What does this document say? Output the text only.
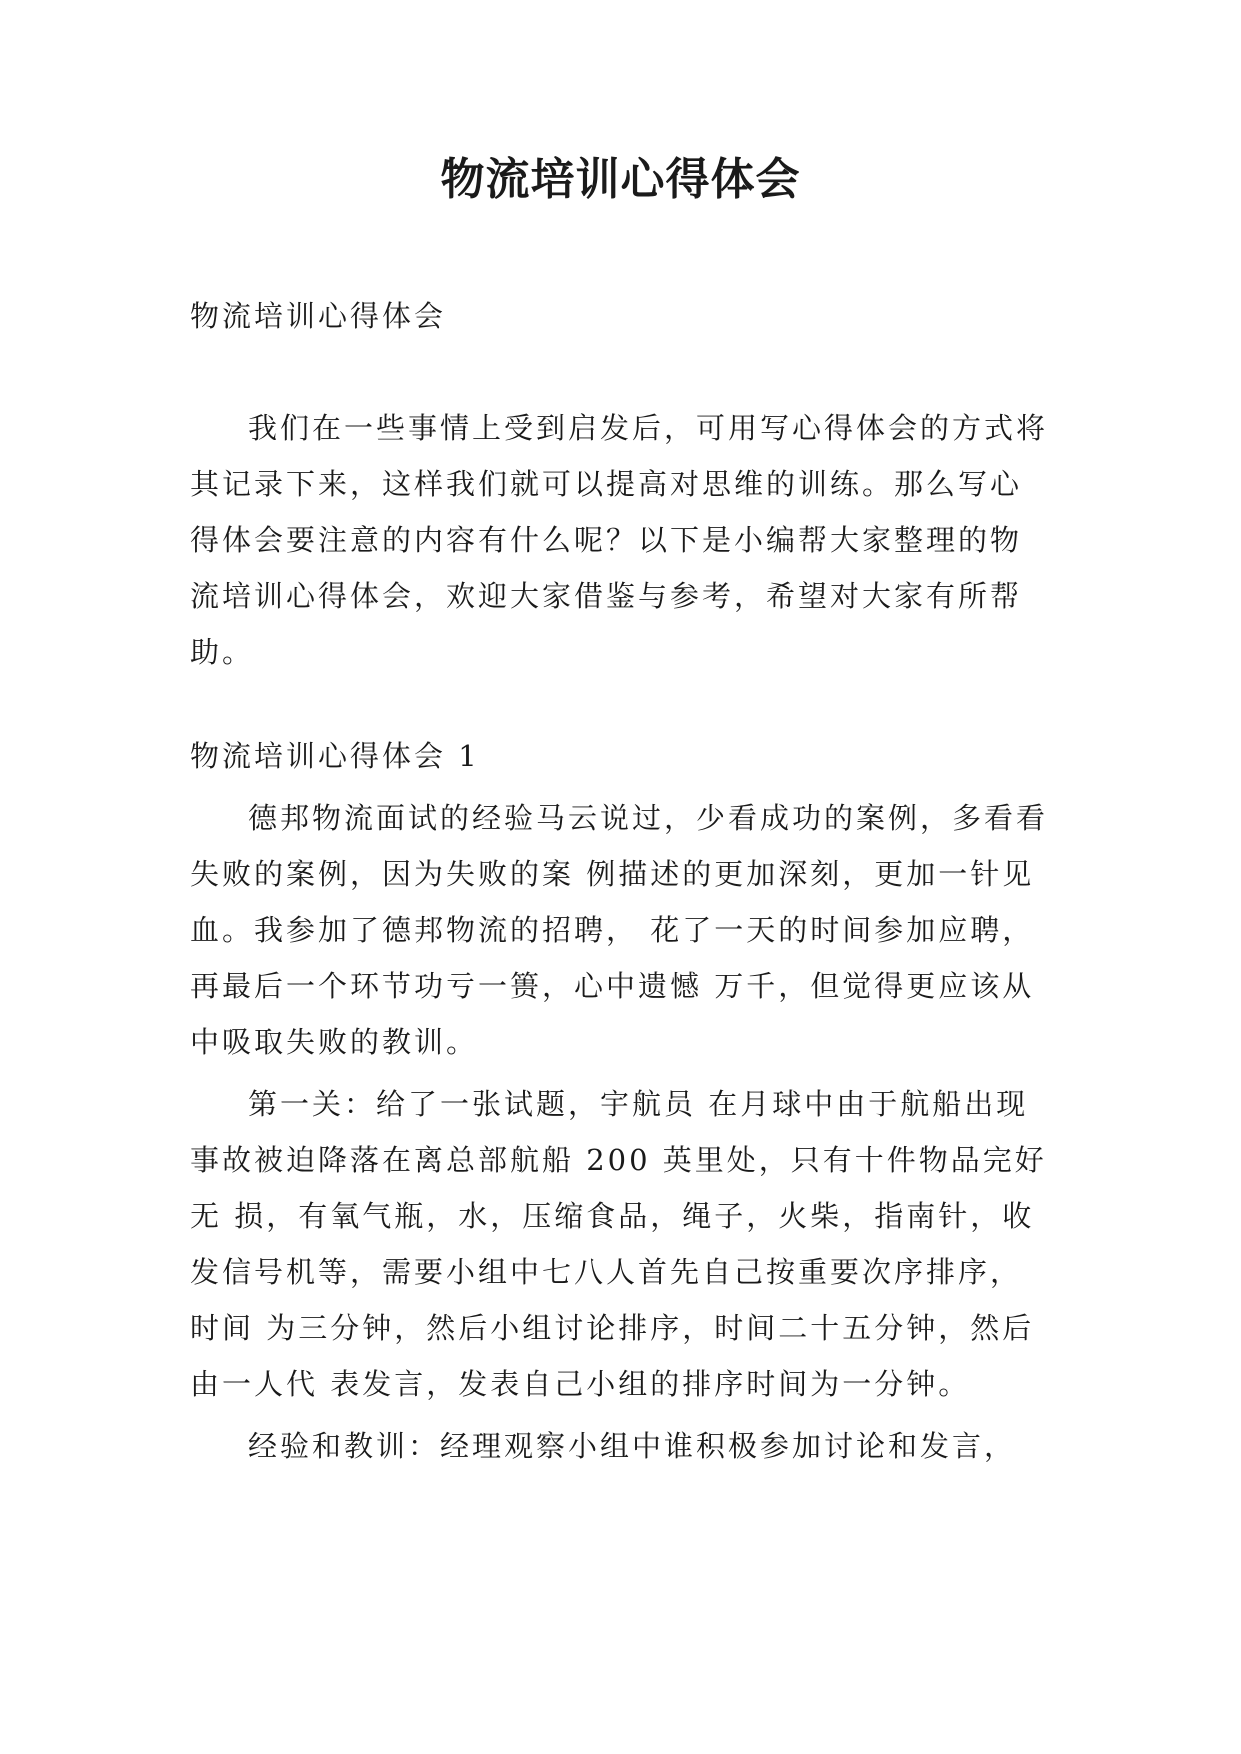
物流培训心得体会

物流培训心得体会

我们在一些事情上受到启发后，可用写心得体会的方式将其记录下来，这样我们就可以提高对思维的训练。那么写心得体会要注意的内容有什么呢？以下是小编帮大家整理的物流培训心得体会，欢迎大家借鉴与参考，希望对大家有所帮助。

物流培训心得体会 1

德邦物流面试的经验马云说过，少看成功的案例，多看看失败的案例，因为失败的案 例描述的更加深刻，更加一针见血。我参加了德邦物流的招聘， 花了一天的时间参加应聘，再最后一个环节功亏一篑，心中遗憾 万千，但觉得更应该从中吸取失败的教训。

第一关：给了一张试题，宇航员 在月球中由于航船出现 事故被迫降落在离总部航船 200 英里处，只有十件物品完好无 损，有氧气瓶，水，压缩食品，绳子，火柴，指南针，收 发信号机等，需要小组中七八人首先自己按重要次序排序，时间 为三分钟，然后小组讨论排序，时间二十五分钟，然后由一人代 表发言，发表自己小组的排序时间为一分钟。

经验和教训：经理观察小组中谁积极参加讨论和发言，
